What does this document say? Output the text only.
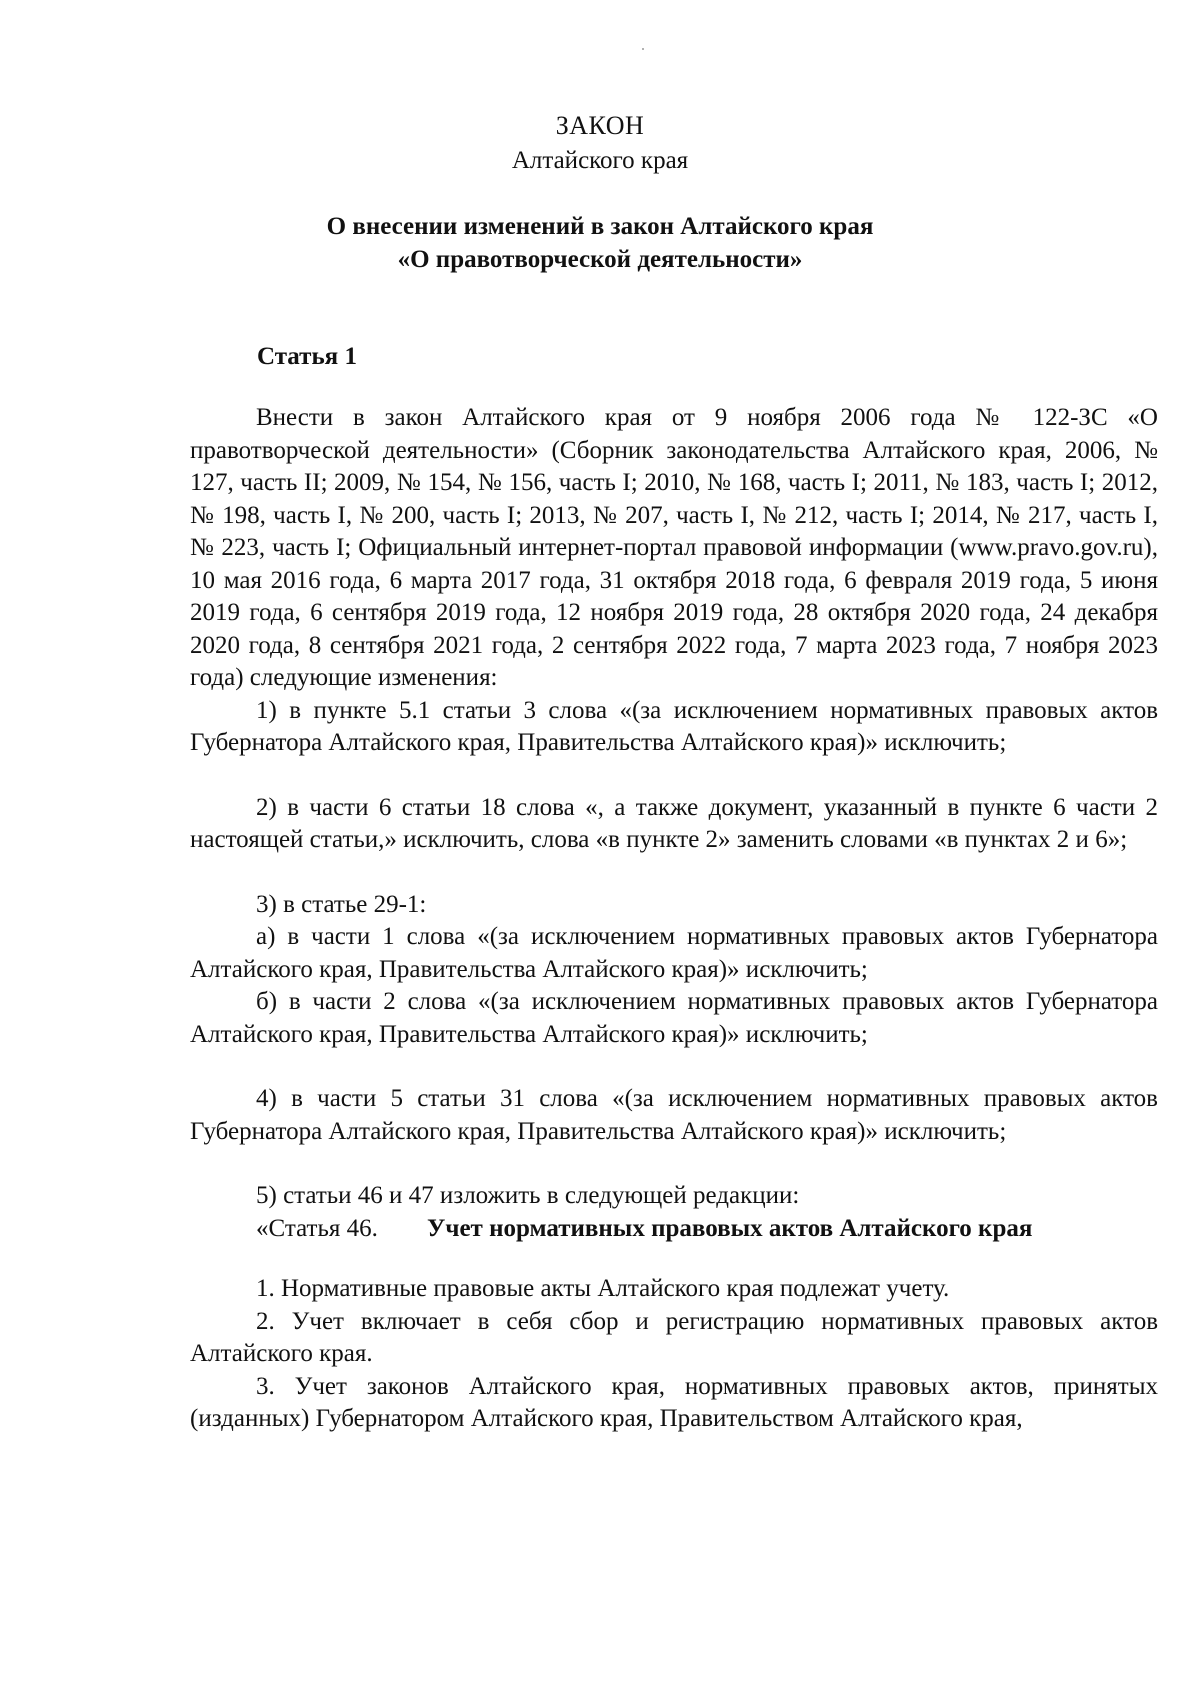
ЗАКОН
Алтайского края
О внесении изменений в закон Алтайского края
«О правотворческой деятельности»
Статья 1

Внести в закон Алтайского края от 9 ноября 2006 года № 122-ЗС «О правотворческой деятельности» (Сборник законодательства Алтайского края, 2006, № 127, часть II; 2009, № 154, № 156, часть I; 2010, № 168, часть I; 2011, № 183, часть I; 2012, № 198, часть I, № 200, часть I; 2013, № 207, часть I, № 212, часть I; 2014, № 217, часть I, № 223, часть I; Официальный интернет-портал правовой информации (www.pravo.gov.ru), 10 мая 2016 года, 6 марта 2017 года, 31 октября 2018 года, 6 февраля 2019 года, 5 июня 2019 года, 6 сентября 2019 года, 12 ноября 2019 года, 28 октября 2020 года, 24 декабря 2020 года, 8 сентября 2021 года, 2 сентября 2022 года, 7 марта 2023 года, 7 ноября 2023 года) следующие изменения:

1) в пункте 5.1 статьи 3 слова «(за исключением нормативных правовых актов Губернатора Алтайского края, Правительства Алтайского края)» исключить;

2) в части 6 статьи 18 слова «, а также документ, указанный в пункте 6 части 2 настоящей статьи,» исключить, слова «в пункте 2» заменить словами «в пунктах 2 и 6»;

3) в статье 29-1:

а) в части 1 слова «(за исключением нормативных правовых актов Губернатора Алтайского края, Правительства Алтайского края)» исключить;

б) в части 2 слова «(за исключением нормативных правовых актов Губернатора Алтайского края, Правительства Алтайского края)» исключить;

4) в части 5 статьи 31 слова «(за исключением нормативных правовых актов Губернатора Алтайского края, Правительства Алтайского края)» исключить;

5) статьи 46 и 47 изложить в следующей редакции:

«Статья 46. Учет нормативных правовых актов Алтайского края

1. Нормативные правовые акты Алтайского края подлежат учету.

2. Учет включает в себя сбор и регистрацию нормативных правовых актов Алтайского края.

3. Учет законов Алтайского края, нормативных правовых актов, принятых (изданных) Губернатором Алтайского края, Правительством Алтайского края,
